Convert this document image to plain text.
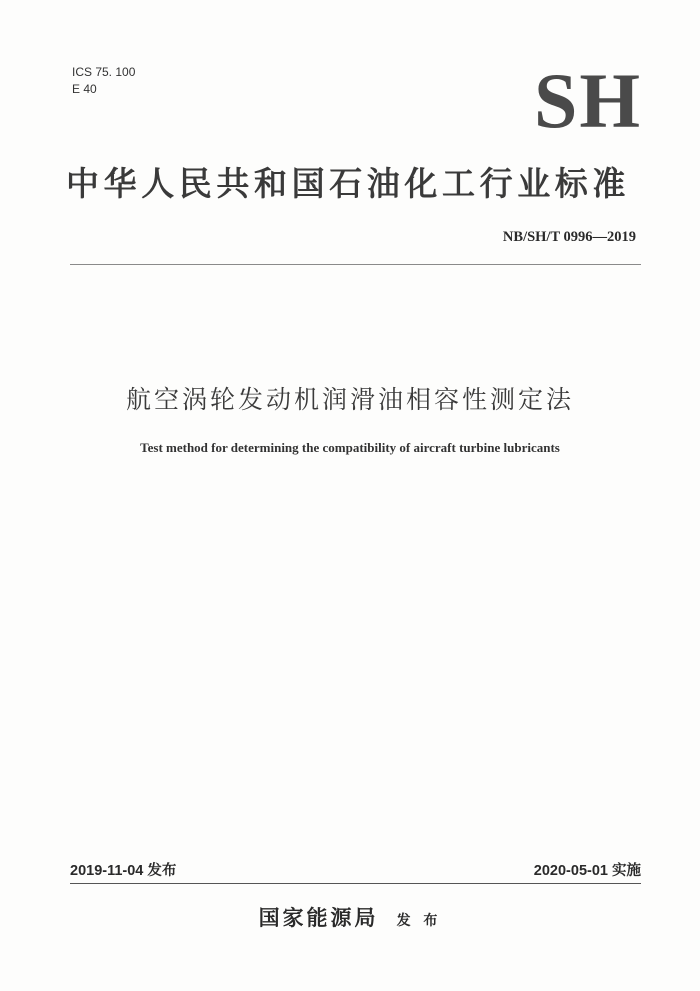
ICS 75. 100
E 40	SH
中华人民共和国石油化工行业标准
NB/SH/T 0996—2019
航空涡轮发动机润滑油相容性测定法
Test method for determining the compatibility of aircraft turbine lubricants
2019-11-04 发布	2020-05-01 实施
国家能源局 发 布
